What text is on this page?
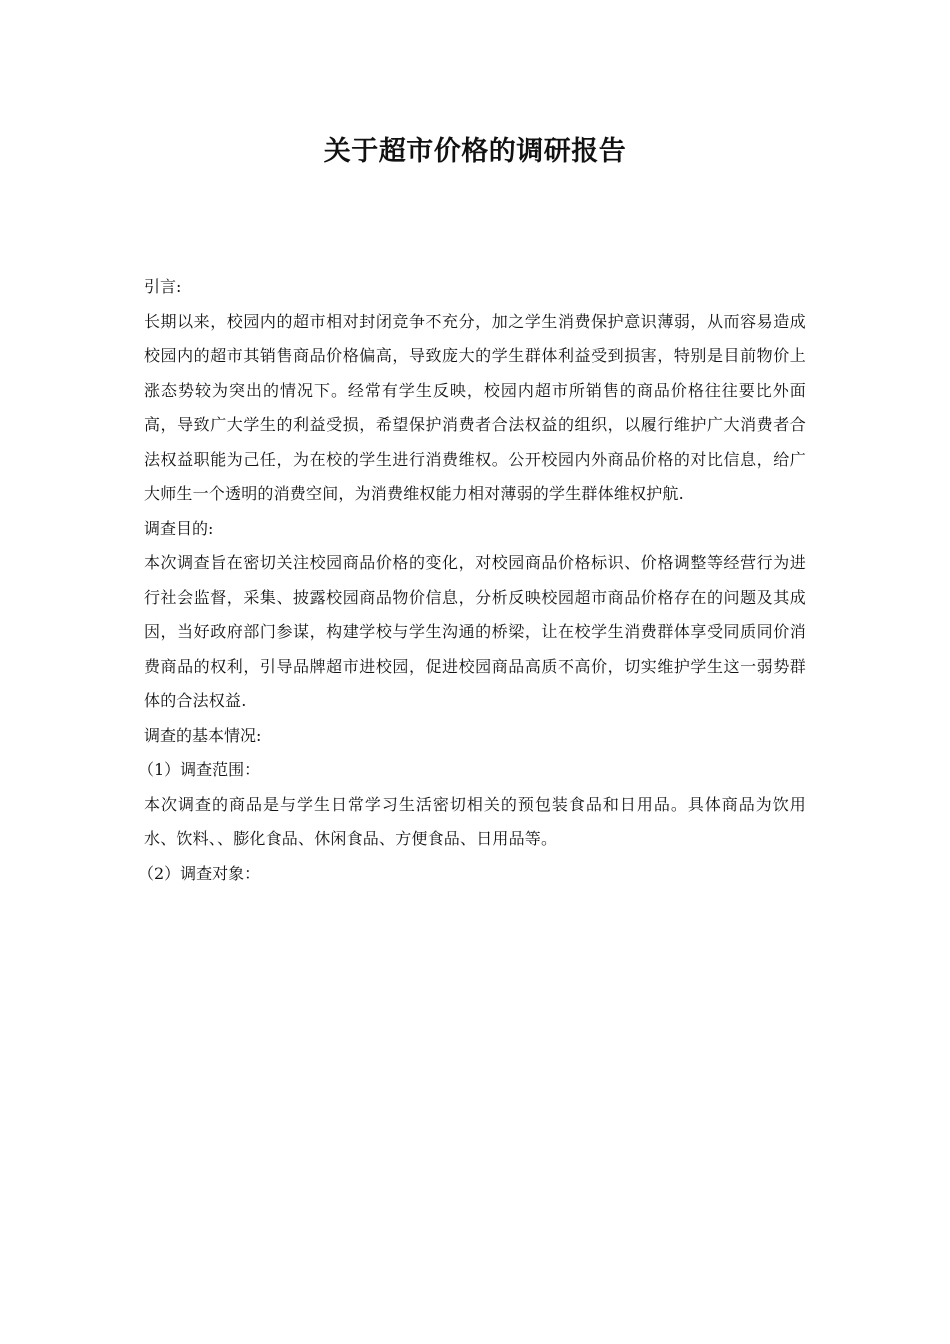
关于超市价格的调研报告

引言:

长期以来，校园内的超市相对封闭竞争不充分，加之学生消费保护意识薄弱，从而容易造成校园内的超市其销售商品价格偏高，导致庞大的学生群体利益受到损害，特别是目前物价上涨态势较为突出的情况下。经常有学生反映，校园内超市所销售的商品价格往往要比外面高，导致广大学生的利益受损，希望保护消费者合法权益的组织，以履行维护广大消费者合法权益职能为己任，为在校的学生进行消费维权。公开校园内外商品价格的对比信息，给广大师生一个透明的消费空间，为消费维权能力相对薄弱的学生群体维权护航.

调查目的:

本次调查旨在密切关注校园商品价格的变化，对校园商品价格标识、价格调整等经营行为进行社会监督，采集、披露校园商品物价信息，分析反映校园超市商品价格存在的问题及其成因，当好政府部门参谋，构建学校与学生沟通的桥梁，让在校学生消费群体享受同质同价消费商品的权利，引导品牌超市进校园，促进校园商品高质不高价，切实维护学生这一弱势群体的合法权益.

调查的基本情况:

（1）调查范围：

本次调查的商品是与学生日常学习生活密切相关的预包装食品和日用品。具体商品为饮用水、饮料、、膨化食品、休闲食品、方便食品、日用品等。

（2）调查对象：
